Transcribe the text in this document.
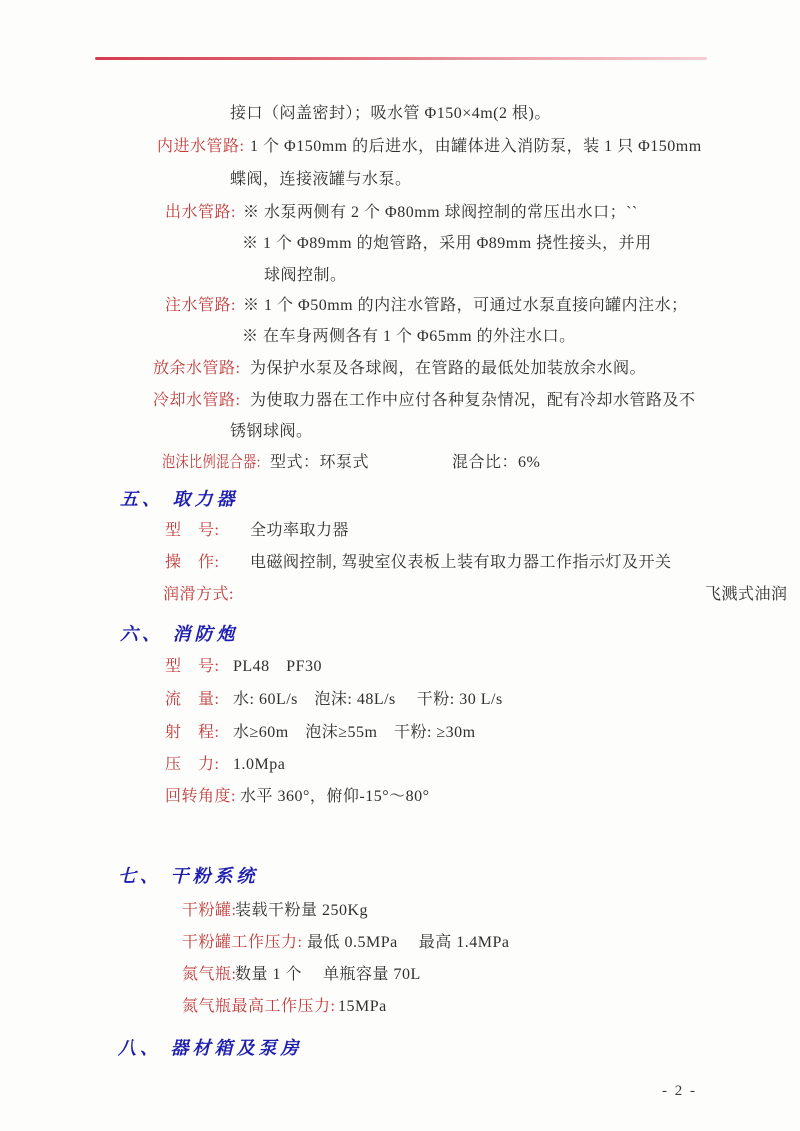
接口（闷盖密封）；吸水管 Φ150×4m(2 根)。
内进水管路: 1 个 Φ150mm 的后进水，由罐体进入消防泵，装 1 只 Φ150mm
蝶阀，连接液罐与水泵。
出水管路: ※ 水泵两侧有 2 个 Φ80mm 球阀控制的常压出水口；``
※ 1 个 Φ89mm 的炮管路，采用 Φ89mm 挠性接头，并用
球阀控制。
注水管路: ※ 1 个 Φ50mm 的内注水管路，可通过水泵直接向罐内注水；
※ 在车身两侧各有 1 个 Φ65mm 的外注水口。
放余水管路: 为保护水泵及各球阀，在管路的最低处加装放余水阀。
冷却水管路: 为使取力器在工作中应付各种复杂情况，配有冷却水管路及不
锈钢球阀。
泡沫比例混合器: 型式：环泵式	混合比：6%
五、 取力器
型　号: 全功率取力器
操　作: 电磁阀控制, 驾驶室仪表板上装有取力器工作指示灯及开关
润滑方式:	飞溅式油润
六、 消防炮
型　号: PL48　PF30
流　量: 水: 60L/s　泡沫: 48L/s　 干粉: 30 L/s
射　程: 水≥60m　泡沫≥55m　干粉: ≥30m
压　力: 1.0Mpa
回转角度: 水平 360°，俯仰-15°～80°
七、 干粉系统
干粉罐:
装载干粉量 250Kg
干粉罐工作压力: 最低 0.5MPa　 最高 1.4MPa
氮气瓶:
数量 1 个　 单瓶容量 70L
氮气瓶最高工作压力: 15MPa
八、 器材箱及泵房
- 2 -
